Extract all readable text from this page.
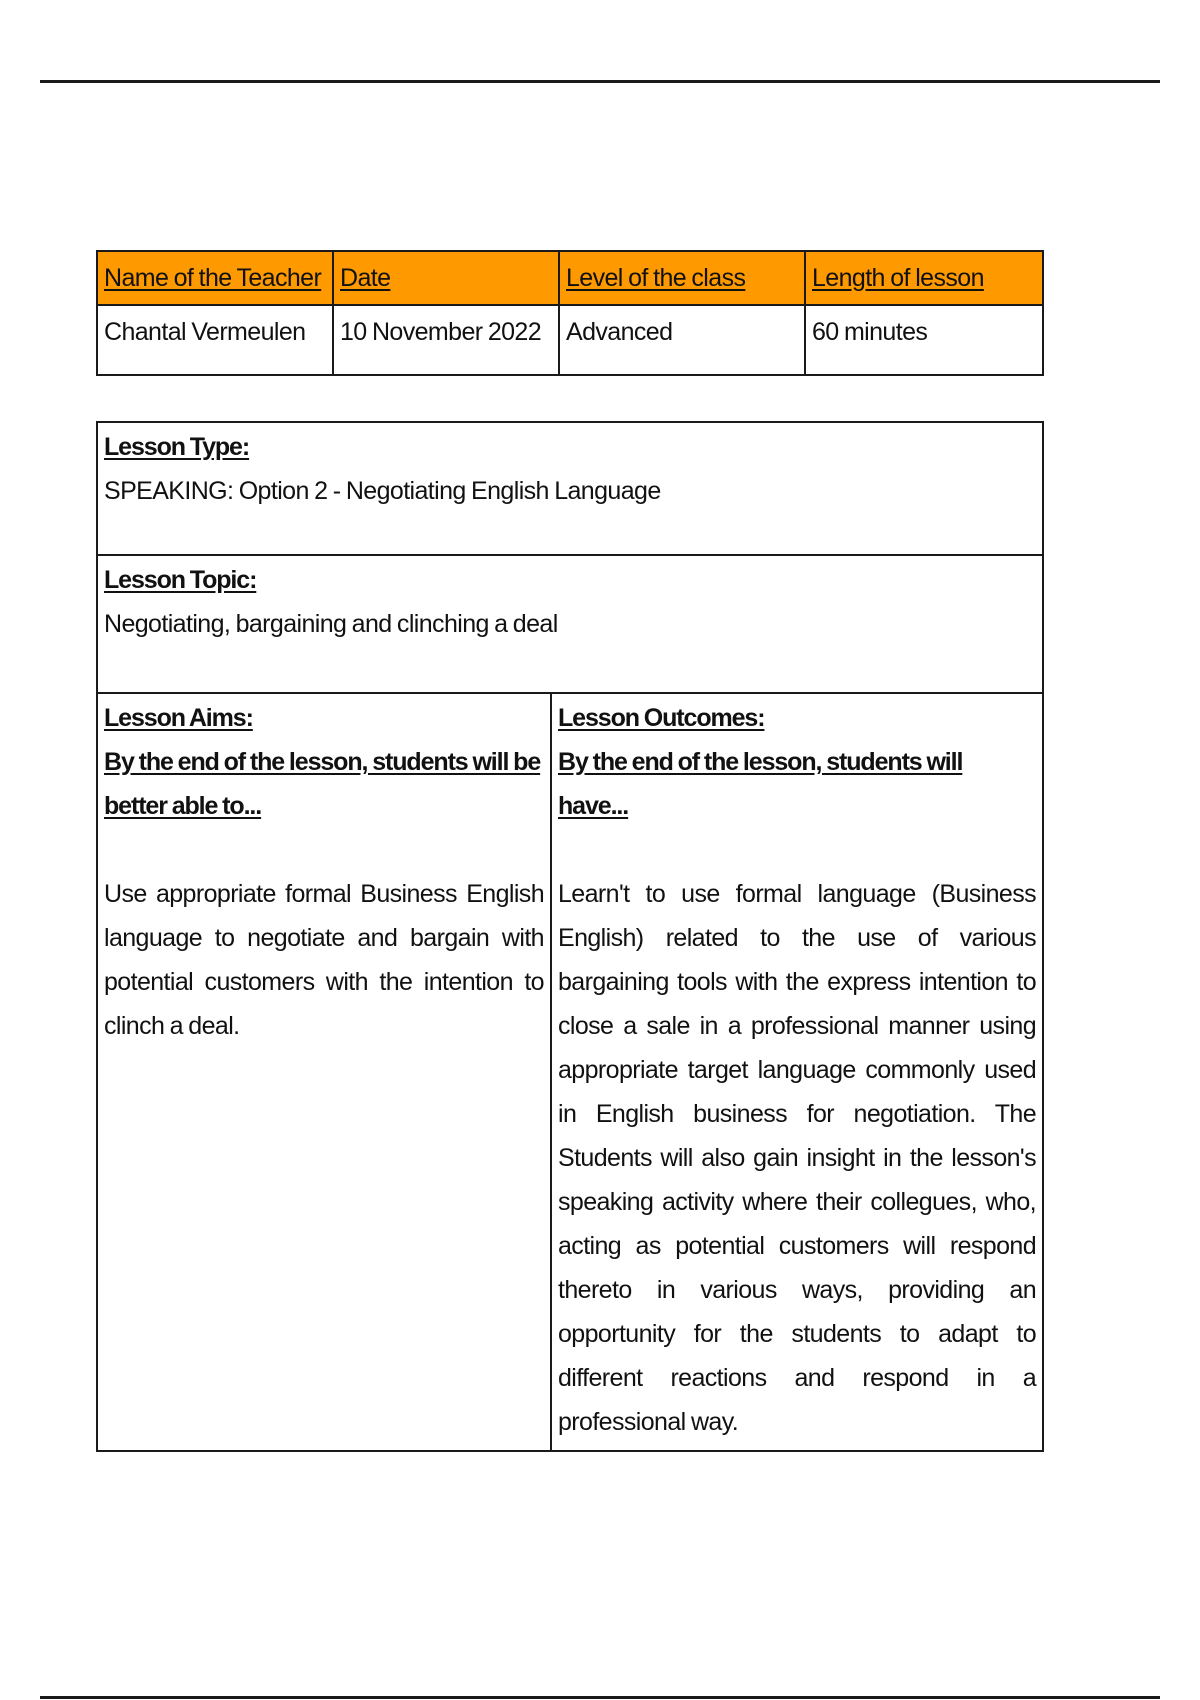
Name of the Teacher	Date	Level of the class	Length of lesson
Chantal Vermeulen	10 November 2022	Advanced	60 minutes
Lesson Type:
SPEAKING: Option 2 - Negotiating English Language

Lesson Topic:
Negotiating, bargaining and clinching a deal

Lesson Aims:
By the end of the lesson, students will be better able to...
Use appropriate formal Business English language to negotiate and bargain with potential customers with the intention to clinch a deal.

Lesson Outcomes:
By the end of the lesson, students will have...
Learn't to use formal language (Business English) related to the use of various bargaining tools with the express intention to close a sale in a professional manner using appropriate target language commonly used in English business for negotiation. The Students will also gain insight in the lesson's speaking activity where their collegues, who, acting as potential customers will respond thereto in various ways, providing an opportunity for the students to adapt to different reactions and respond in a professional way.
